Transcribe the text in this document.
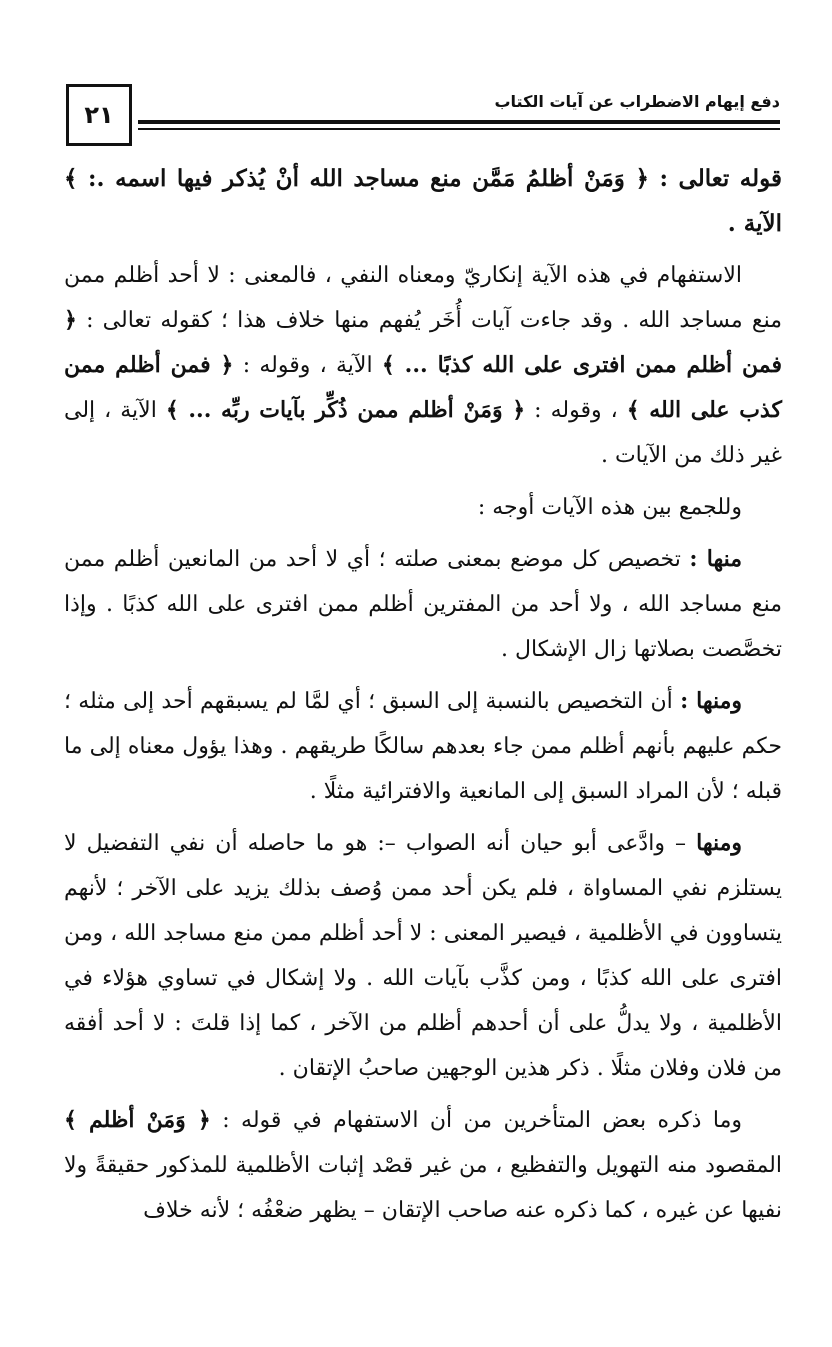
٢١	دفع إيهام الاضطراب عن آيات الكتاب

قوله تعالى : ﴿ وَمَنْ أظلمُ مَمَّن منع مساجد الله أنْ يُذكر فيها اسمه .: ﴾ الآية .

الاستفهام في هذه الآية إنكاريّ ومعناه النفي ، فالمعنى : لا أحد أظلم ممن منع مساجد الله . وقد جاءت آيات أُخَر يُفهم منها خلاف هذا ؛ كقوله تعالى : ﴿ فمن أظلم ممن افترى على الله كذبًا ... ﴾ الآية ، وقوله : ﴿ فمن أظلم ممن كذب على الله ﴾ ، وقوله : ﴿ وَمَنْ أظلم ممن ذُكِّر بآيات ربِّه ... ﴾ الآية ، إلى غير ذلك من الآيات .

وللجمع بين هذه الآيات أوجه :

منها : تخصيص كل موضع بمعنى صلته ؛ أي لا أحد من المانعين أظلم ممن منع مساجد الله ، ولا أحد من المفترين أظلم ممن افترى على الله كذبًا . وإذا تخصَّصت بصلاتها زال الإشكال .

ومنها : أن التخصيص بالنسبة إلى السبق ؛ أي لمَّا لم يسبقهم أحد إلى مثله ؛ حكم عليهم بأنهم أظلم ممن جاء بعدهم سالكًا طريقهم . وهذا يؤول معناه إلى ما قبله ؛ لأن المراد السبق إلى المانعية والافترائية مثلًا .

ومنها – وادَّعى أبو حيان أنه الصواب –: هو ما حاصله أن نفي التفضيل لا يستلزم نفي المساواة ، فلم يكن أحد ممن وُصف بذلك يزيد على الآخر ؛ لأنهم يتساوون في الأظلمية ، فيصير المعنى : لا أحد أظلم ممن منع مساجد الله ، ومن افترى على الله كذبًا ، ومن كذَّب بآيات الله . ولا إشكال في تساوي هؤلاء في الأظلمية ، ولا يدلُّ على أن أحدهم أظلم من الآخر ، كما إذا قلتَ : لا أحد أفقه من فلان وفلان مثلًا . ذكر هذين الوجهين صاحبُ الإتقان .

وما ذكره بعض المتأخرين من أن الاستفهام في قوله : ﴿ وَمَنْ أظلم ﴾ المقصود منه التهويل والتفظيع ، من غير قصْد إثبات الأظلمية للمذكور حقيقةً ولا نفيها عن غيره ، كما ذكره عنه صاحب الإتقان – يظهر ضعْفُه ؛ لأنه خلاف
